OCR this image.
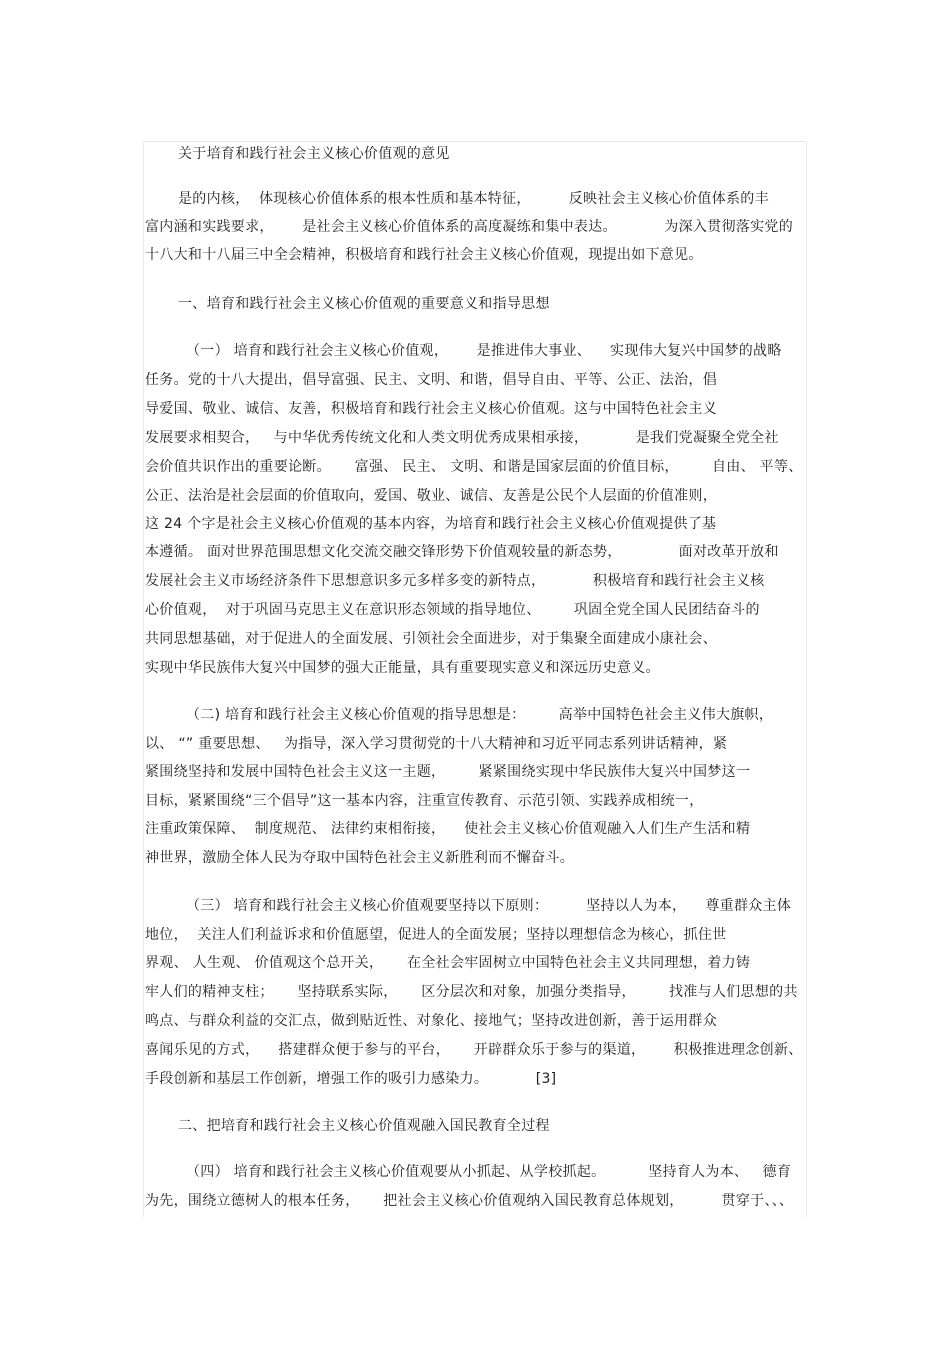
关于培育和践行社会主义核心价值观的意见
是的内核，  体现核心价值体系的根本性质和基本特征，        反映社会主义核心价值体系的丰
富内涵和实践要求，      是社会主义核心价值体系的高度凝练和集中表达。          为深入贯彻落实党的
十八大和十八届三中全会精神，积极培育和践行社会主义核心价值观，现提出如下意见。
一、培育和践行社会主义核心价值观的重要意义和指导思想
（一） 培育和践行社会主义核心价值观，      是推进伟大事业、    实现伟大复兴中国梦的战略
任务。党的十八大提出，倡导富强、民主、文明、和谐，倡导自由、平等、公正、法治，倡
导爱国、敬业、诚信、友善，积极培育和践行社会主义核心价值观。这与中国特色社会主义
发展要求相契合，   与中华优秀传统文化和人类文明优秀成果相承接，          是我们党凝聚全党全社
会价值共识作出的重要论断。     富强、 民主、 文明、和谐是国家层面的价值目标，       自由、 平等、
公正、法治是社会层面的价值取向，爱国、敬业、诚信、友善是公民个人层面的价值准则，
这 24 个字是社会主义核心价值观的基本内容，为培育和践行社会主义核心价值观提供了基
本遵循。 面对世界范围思想文化交流交融交锋形势下价值观较量的新态势，            面对改革开放和
发展社会主义市场经济条件下思想意识多元多样多变的新特点，          积极培育和践行社会主义核
心价值观，  对于巩固马克思主义在意识形态领域的指导地位、       巩固全党全国人民团结奋斗的
共同思想基础，对于促进人的全面发展、引领社会全面进步，对于集聚全面建成小康社会、
实现中华民族伟大复兴中国梦的强大正能量，具有重要现实意义和深远历史意义。
（二) 培育和践行社会主义核心价值观的指导思想是：       高举中国特色社会主义伟大旗帜，
以、 “” 重要思想、   为指导，深入学习贯彻党的十八大精神和习近平同志系列讲话精神，紧
紧围绕坚持和发展中国特色社会主义这一主题，       紧紧围绕实现中华民族伟大复兴中国梦这一
目标，紧紧围绕“三个倡导”这一基本内容，注重宣传教育、示范引领、实践养成相统一，
注重政策保障、  制度规范、 法律约束相衔接，    使社会主义核心价值观融入人们生产生活和精
神世界，激励全体人民为夺取中国特色社会主义新胜利而不懈奋斗。
（三） 培育和践行社会主义核心价值观要坚持以下原则：        坚持以人为本，    尊重群众主体
地位，  关注人们利益诉求和价值愿望，促进人的全面发展；坚持以理想信念为核心，抓住世
界观、 人生观、 价值观这个总开关，     在全社会牢固树立中国特色社会主义共同理想，着力铸
牢人们的精神支柱；     坚持联系实际，     区分层次和对象，加强分类指导，       找准与人们思想的共
鸣点、与群众利益的交汇点，做到贴近性、对象化、接地气；坚持改进创新，善于运用群众
喜闻乐见的方式，    搭建群众便于参与的平台，     开辟群众乐于参与的渠道，      积极推进理念创新、
手段创新和基层工作创新，增强工作的吸引力感染力。          [3]
二、把培育和践行社会主义核心价值观融入国民教育全过程
（四） 培育和践行社会主义核心价值观要从小抓起、从学校抓起。         坚持育人为本、   德育
为先，围绕立德树人的根本任务，     把社会主义核心价值观纳入国民教育总体规划，        贯穿于、、、
